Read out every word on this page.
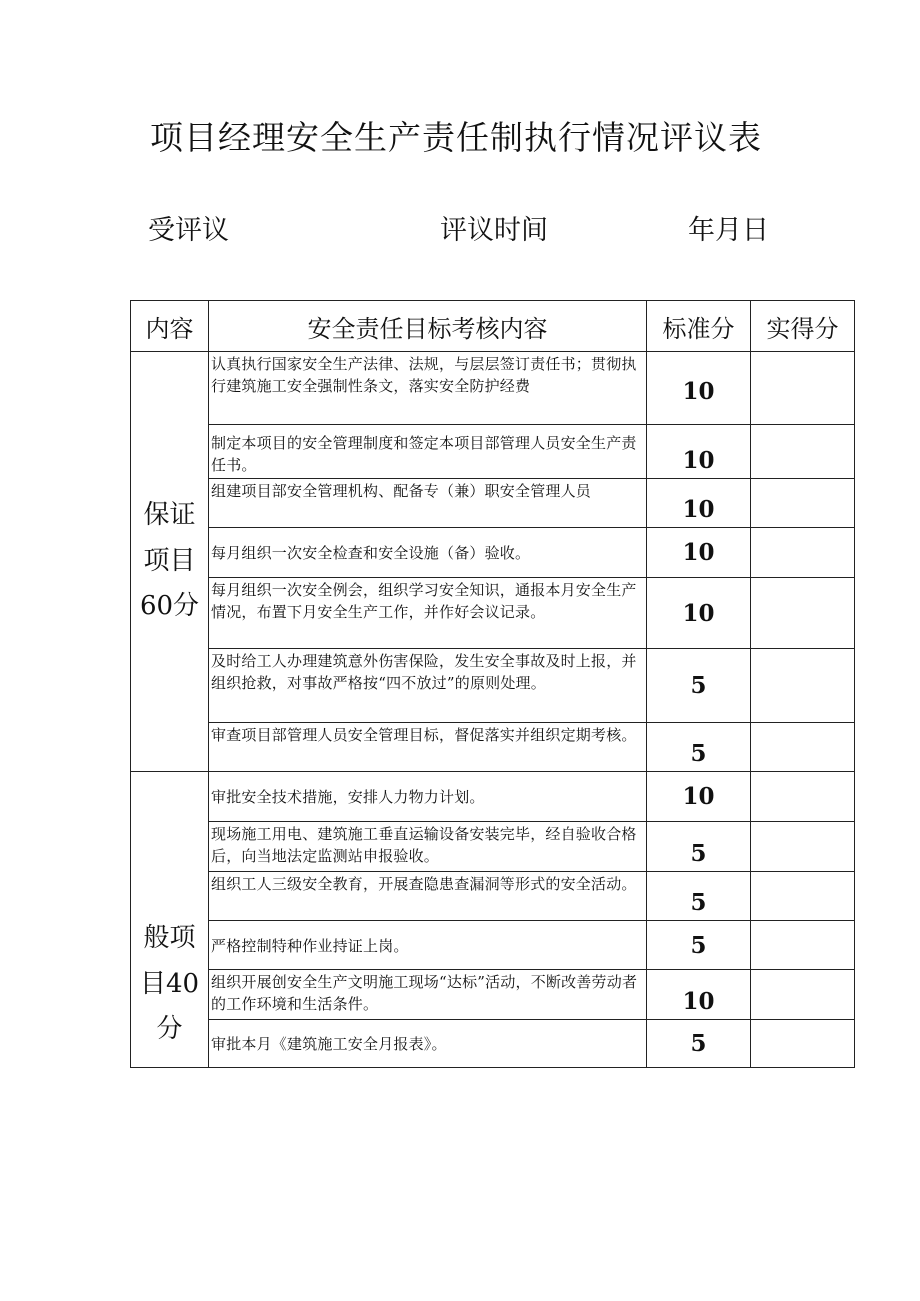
项目经理安全生产责任制执行情况评议表
受评议	评议时间	年月日
内容	安全责任目标考核内容	标准分	实得分

保证
项目
60分	认真执行国家安全生产法律、法规，与层层签订责任书；贯彻执行建筑施工安全强制性条文，落实安全防护经费	10	
	制定本项目的安全管理制度和签定本项目部管理人员安全生产责任书。	10	
	组建项目部安全管理机构、配备专（兼）职安全管理人员	10	
	每月组织一次安全检查和安全设施（备）验收。	10	
	每月组织一次安全例会，组织学习安全知识，通报本月安全生产情况，布置下月安全生产工作，并作好会议记录。	10	
	及时给工人办理建筑意外伤害保险，发生安全事故及时上报，并组织抢救，对事故严格按“四不放过”的原则处理。	5	
	审查项目部管理人员安全管理目标，督促落实并组织定期考核。	5	

般项
目40
分	审批安全技术措施，安排人力物力计划。	10	
	现场施工用电、建筑施工垂直运输设备安装完毕，经自验收合格后，向当地法定监测站申报验收。	5	
	组织工人三级安全教育，开展查隐患查漏洞等形式的安全活动。	5	
	严格控制特种作业持证上岗。	5	
	组织开展创安全生产文明施工现场“达标”活动，不断改善劳动者的工作环境和生活条件。	10	
	审批本月《建筑施工安全月报表》。	5	
